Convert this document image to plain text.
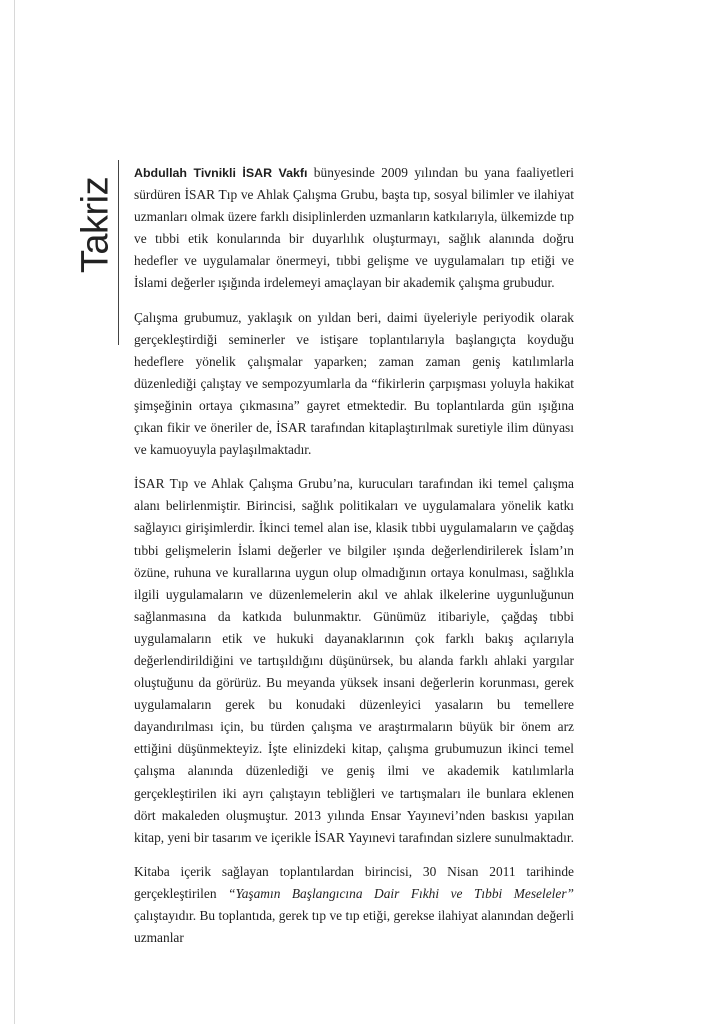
Takriz

Abdullah Tivnikli İSAR Vakfı bünyesinde 2009 yılından bu yana faaliyetleri sürdüren İSAR Tıp ve Ahlak Çalışma Grubu, başta tıp, sosyal bilimler ve ilahiyat uzmanları olmak üzere farklı disiplinlerden uzmanların katkılarıyla, ülkemizde tıp ve tıbbi etik konularında bir duyarlılık oluşturmayı, sağlık alanında doğru hedefler ve uygulamalar önermeyi, tıbbi gelişme ve uygulamaları tıp etiği ve İslami değerler ışığında irdelemeyi amaçlayan bir akademik çalışma grubudur.

Çalışma grubumuz, yaklaşık on yıldan beri, daimi üyeleriyle periyodik olarak gerçekleştirdiği seminerler ve istişare toplantılarıyla başlangıçta koyduğu hedeflere yönelik çalışmalar yaparken; zaman zaman geniş katılımlarla düzenlediği çalıştay ve sempozyumlarla da “fikirlerin çarpışması yoluyla hakikat şimşeğinin ortaya çıkmasına” gayret etmektedir. Bu toplantılarda gün ışığına çıkan fikir ve öneriler de, İSAR tarafından kitaplaştırılmak suretiyle ilim dünyası ve kamuoyuyla paylaşılmaktadır.

İSAR Tıp ve Ahlak Çalışma Grubu’na, kurucuları tarafından iki temel çalışma alanı belirlenmiştir. Birincisi, sağlık politikaları ve uygulamalara yönelik katkı sağlayıcı girişimlerdir. İkinci temel alan ise, klasik tıbbi uygulamaların ve çağdaş tıbbi gelişmelerin İslami değerler ve bilgiler ışında değerlendirilerek İslam’ın özüne, ruhuna ve kurallarına uygun olup olmadığının ortaya konulması, sağlıkla ilgili uygulamaların ve düzenlemelerin akıl ve ahlak ilkelerine uygunluğunun sağlanmasına da katkıda bulunmaktır. Günümüz itibariyle, çağdaş tıbbi uygulamaların etik ve hukuki dayanaklarının çok farklı bakış açılarıyla değerlendirildiğini ve tartışıldığını düşünürsek, bu alanda farklı ahlaki yargılar oluştuğunu da görürüz. Bu meyanda yüksek insani değerlerin korunması, gerek uygulamaların gerek bu konudaki düzenleyici yasaların bu temellere dayandırılması için, bu türden çalışma ve araştırmaların büyük bir önem arz ettiğini düşünmekteyiz. İşte elinizdeki kitap, çalışma grubumuzun ikinci temel çalışma alanında düzenlediği ve geniş ilmi ve akademik katılımlarla gerçekleştirilen iki ayrı çalıştayın tebliğleri ve tartışmaları ile bunlara eklenen dört makaleden oluşmuştur. 2013 yılında Ensar Yayınevi’nden baskısı yapılan kitap, yeni bir tasarım ve içerikle İSAR Yayınevi tarafından sizlere sunulmaktadır.

Kitaba içerik sağlayan toplantılardan birincisi, 30 Nisan 2011 tarihinde gerçekleştirilen “Yaşamın Başlangıcına Dair Fıkhi ve Tıbbi Meseleler” çalıştayıdır. Bu toplantıda, gerek tıp ve tıp etiği, gerekse ilahiyat alanından değerli uzmanlar
